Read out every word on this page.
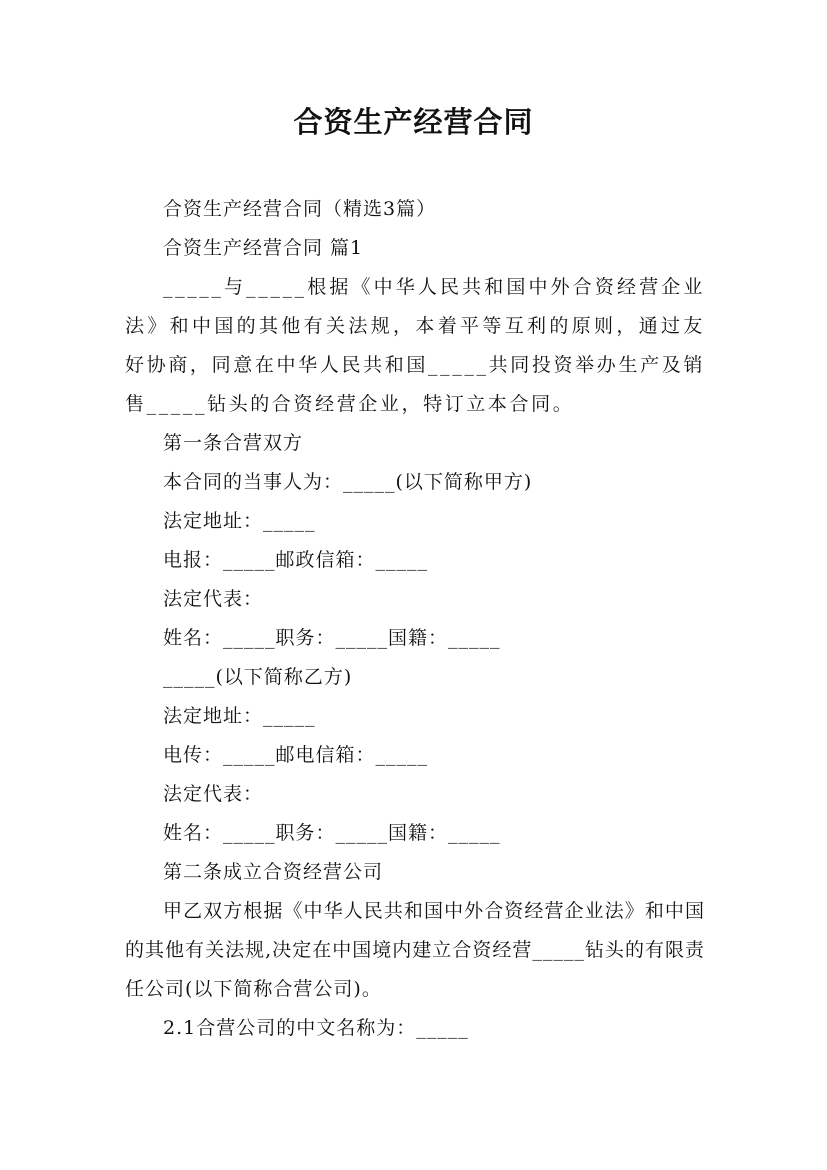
合资生产经营合同

合资生产经营合同（精选3篇）

合资生产经营合同 篇1

_____与_____根据《中华人民共和国中外合资经营企业法》和中国的其他有关法规，本着平等互利的原则，通过友好协商，同意在中华人民共和国_____共同投资举办生产及销售_____钻头的合资经营企业，特订立本合同。

第一条合营双方

本合同的当事人为：_____(以下简称甲方)

法定地址：_____

电报：_____邮政信箱：_____

法定代表：

姓名：_____职务：_____国籍：_____

_____(以下简称乙方)

法定地址：_____

电传：_____邮电信箱：_____

法定代表：

姓名：_____职务：_____国籍：_____

第二条成立合资经营公司

甲乙双方根据《中华人民共和国中外合资经营企业法》和中国的其他有关法规,决定在中国境内建立合资经营_____钻头的有限责任公司(以下简称合营公司)。

2.1合营公司的中文名称为：_____
